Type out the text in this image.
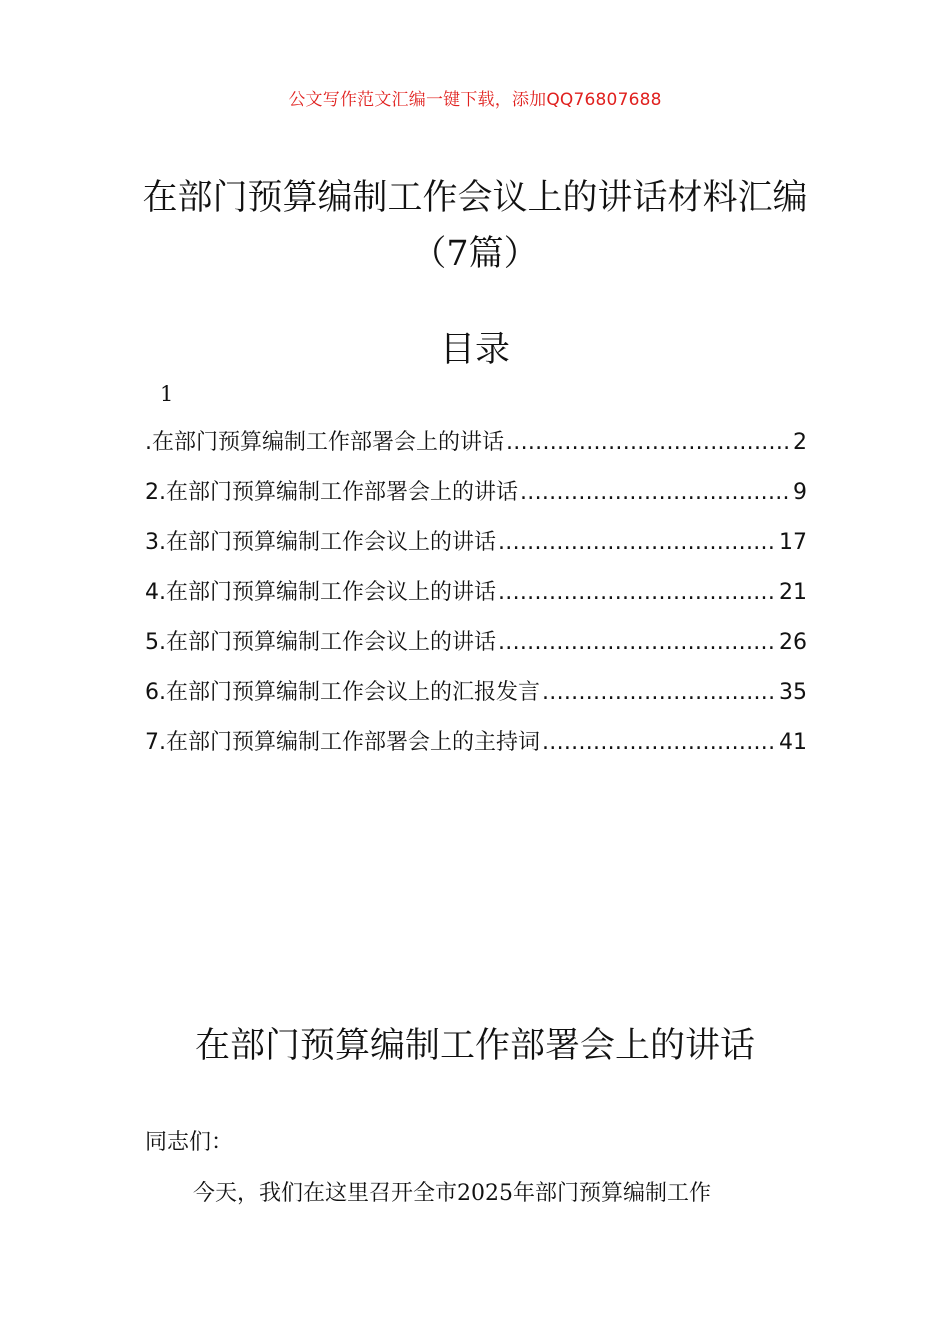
公文写作范文汇编一键下载，添加QQ76807688
在部门预算编制工作会议上的讲话材料汇编（7篇）
目录
1
.在部门预算编制工作部署会上的讲话 .....	2
2.在部门预算编制工作部署会上的讲话 .....	9
3.在部门预算编制工作会议上的讲话 .....	17
4.在部门预算编制工作会议上的讲话 .....	21
5.在部门预算编制工作会议上的讲话 .....	26
6.在部门预算编制工作会议上的汇报发言 .....	35
7.在部门预算编制工作部署会上的主持词 .....	41
在部门预算编制工作部署会上的讲话
同志们：

今天，我们在这里召开全市2025年部门预算编制工作
